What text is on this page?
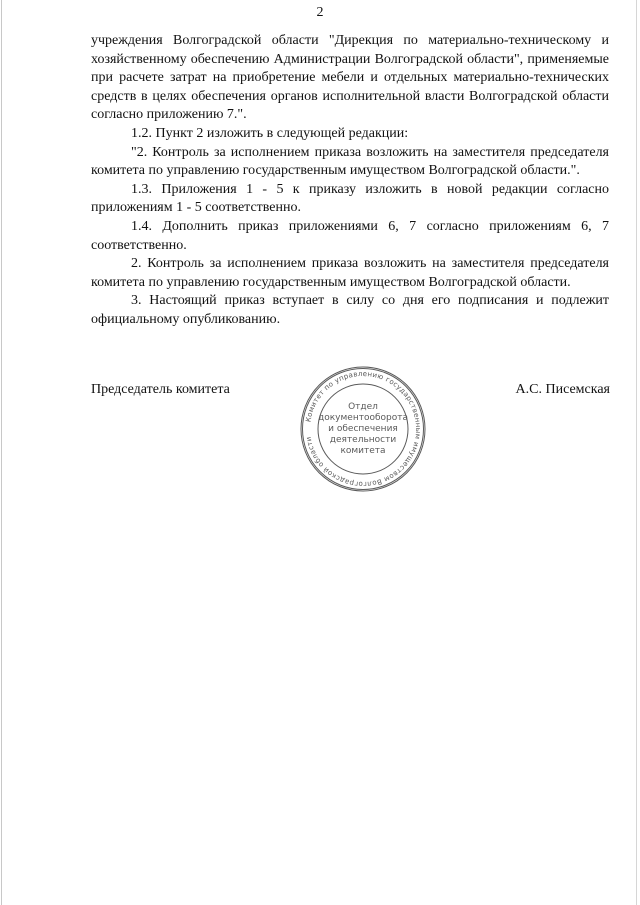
2

учреждения Волгоградской области "Дирекция по материально-техническому и хозяйственному обеспечению Администрации Волгоградской области", применяемые при расчете затрат на приобретение мебели и отдельных материально-технических средств в целях обеспечения органов исполнительной власти Волгоградской области согласно приложению 7.".

1.2. Пункт 2 изложить в следующей редакции:

"2. Контроль за исполнением приказа возложить на заместителя председателя комитета по управлению государственным имуществом Волгоградской области.".

1.3. Приложения 1 - 5 к приказу изложить в новой редакции согласно приложениям 1 - 5 соответственно.

1.4. Дополнить приказ приложениями 6, 7 согласно приложениям 6, 7 соответственно.

2. Контроль за исполнением приказа возложить на заместителя председателя комитета по управлению государственным имуществом Волгоградской области.

3. Настоящий приказ вступает в силу со дня его подписания и подлежит официальному опубликованию.

Председатель комитета	А.С. Писемская
Комитет по управлению государственным имуществом Волгоградской области
Отдел
документооборота
и обеспечения
деятельности
комитета
